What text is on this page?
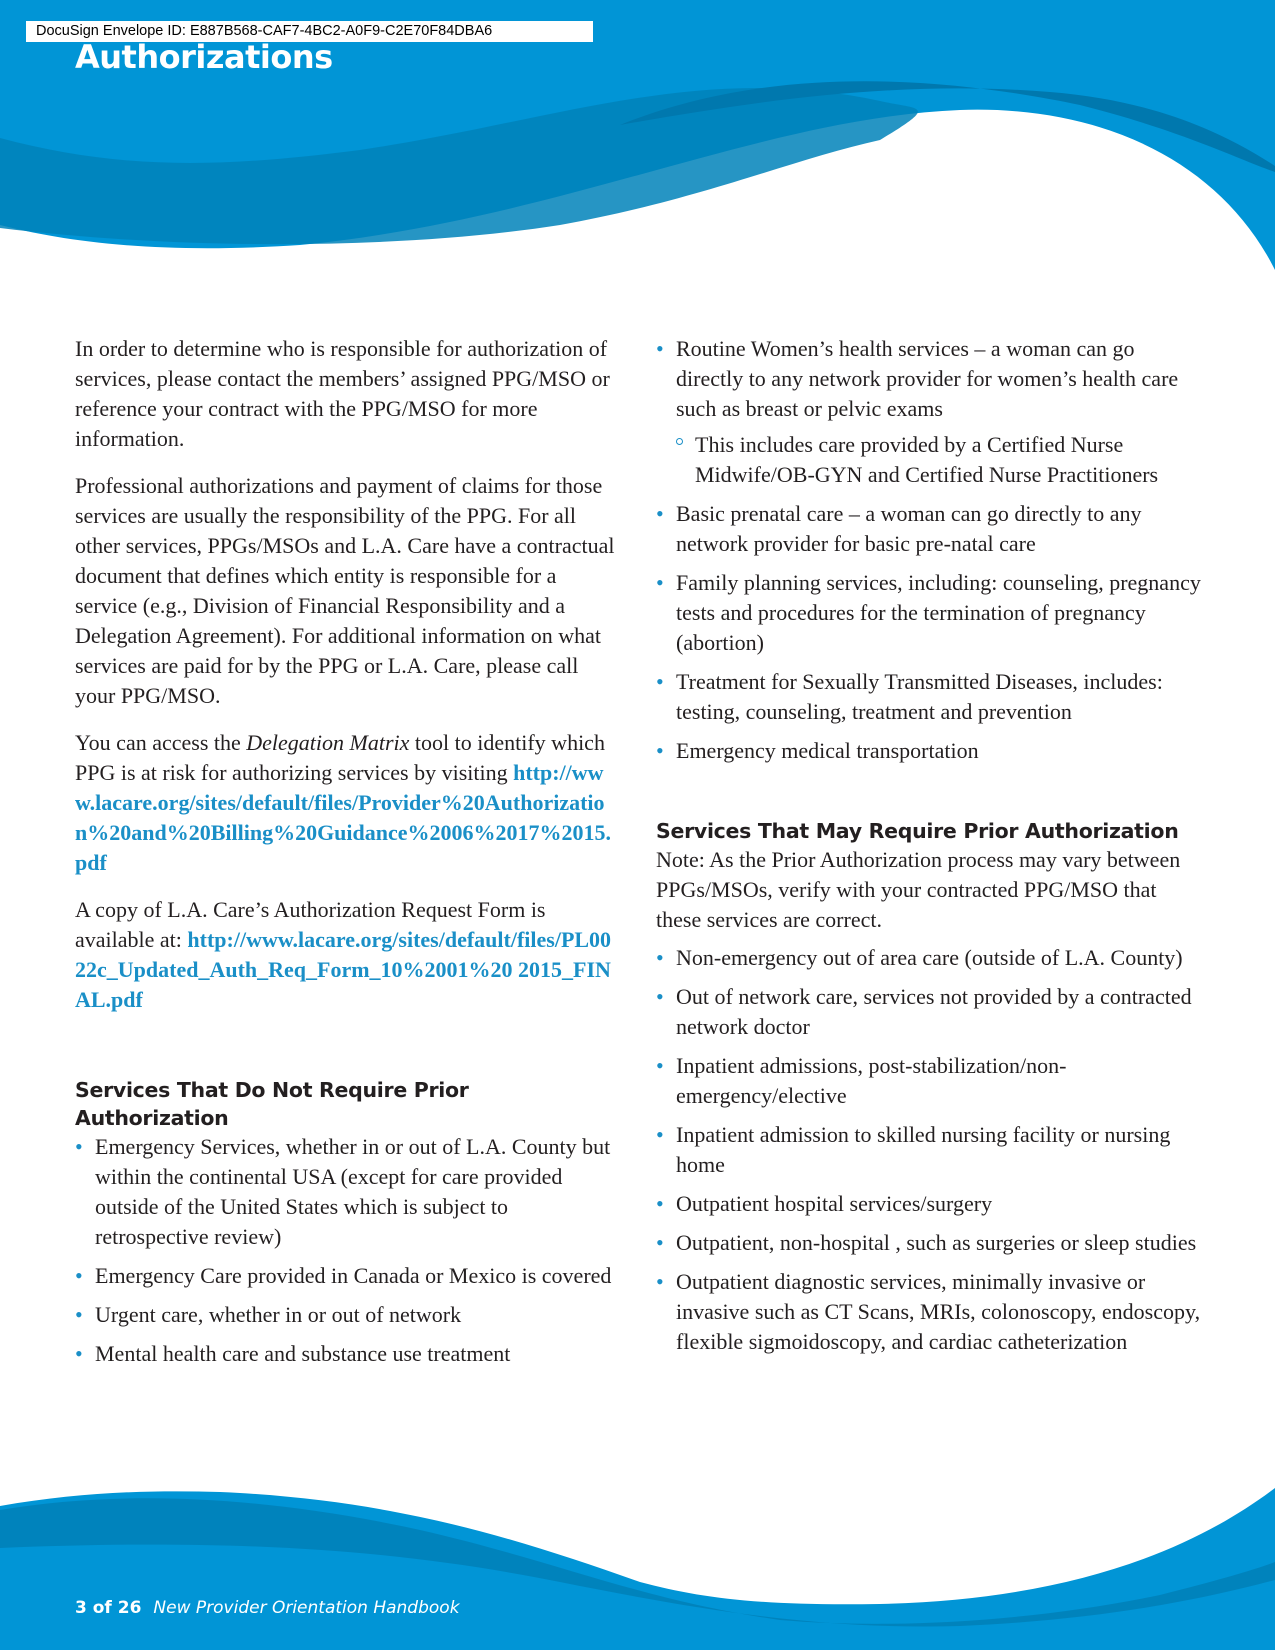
DocuSign Envelope ID: E887B568-CAF7-4BC2-A0F9-C2E70F84DBA6
Authorizations

In order to determine who is responsible for authorization of services, please contact the members’ assigned PPG/MSO or reference your contract with the PPG/MSO for more information.

Professional authorizations and payment of claims for those services are usually the responsibility of the PPG. For all other services, PPGs/MSOs and L.A. Care have a contractual document that defines which entity is responsible for a service (e.g., Division of Financial Responsibility and a Delegation Agreement). For additional information on what services are paid for by the PPG or L.A. Care, please call your PPG/MSO.

You can access the Delegation Matrix tool to identify which PPG is at risk for authorizing services by visiting http://www.lacare.org/sites/default/files/Provider%20Authorization%20and%20Billing%20Guidance%2006%2017%2015.pdf

A copy of L.A. Care’s Authorization Request Form is available at: http://www.lacare.org/sites/default/files/PL0022c_Updated_Auth_Req_Form_10%2001%20 2015_FINAL.pdf

Services That Do Not Require Prior Authorization
• Emergency Services, whether in or out of L.A. County but within the continental USA (except for care provided outside of the United States which is subject to retrospective review)
• Emergency Care provided in Canada or Mexico is covered
• Urgent care, whether in or out of network
• Mental health care and substance use treatment
• Routine Women’s health services – a woman can go directly to any network provider for women’s health care such as breast or pelvic exams
This includes care provided by a Certified Nurse Midwife/OB-GYN and Certified Nurse Practitioners
• Basic prenatal care – a woman can go directly to any network provider for basic pre-natal care
• Family planning services, including: counseling, pregnancy tests and procedures for the termination of pregnancy (abortion)
• Treatment for Sexually Transmitted Diseases, includes: testing, counseling, treatment and prevention
• Emergency medical transportation
Services That May Require Prior Authorization

Note: As the Prior Authorization process may vary between PPGs/MSOs, verify with your contracted PPG/MSO that these services are correct.

• Non-emergency out of area care (outside of L.A. County)
• Out of network care, services not provided by a contracted network doctor
• Inpatient admissions, post-stabilization/non-emergency/elective
• Inpatient admission to skilled nursing facility or nursing home
• Outpatient hospital services/surgery
• Outpatient, non-hospital , such as surgeries or sleep studies
• Outpatient diagnostic services, minimally invasive or invasive such as CT Scans, MRIs, colonoscopy, endoscopy, flexible sigmoidoscopy, and cardiac catheterization
3 of 26 New Provider Orientation Handbook
